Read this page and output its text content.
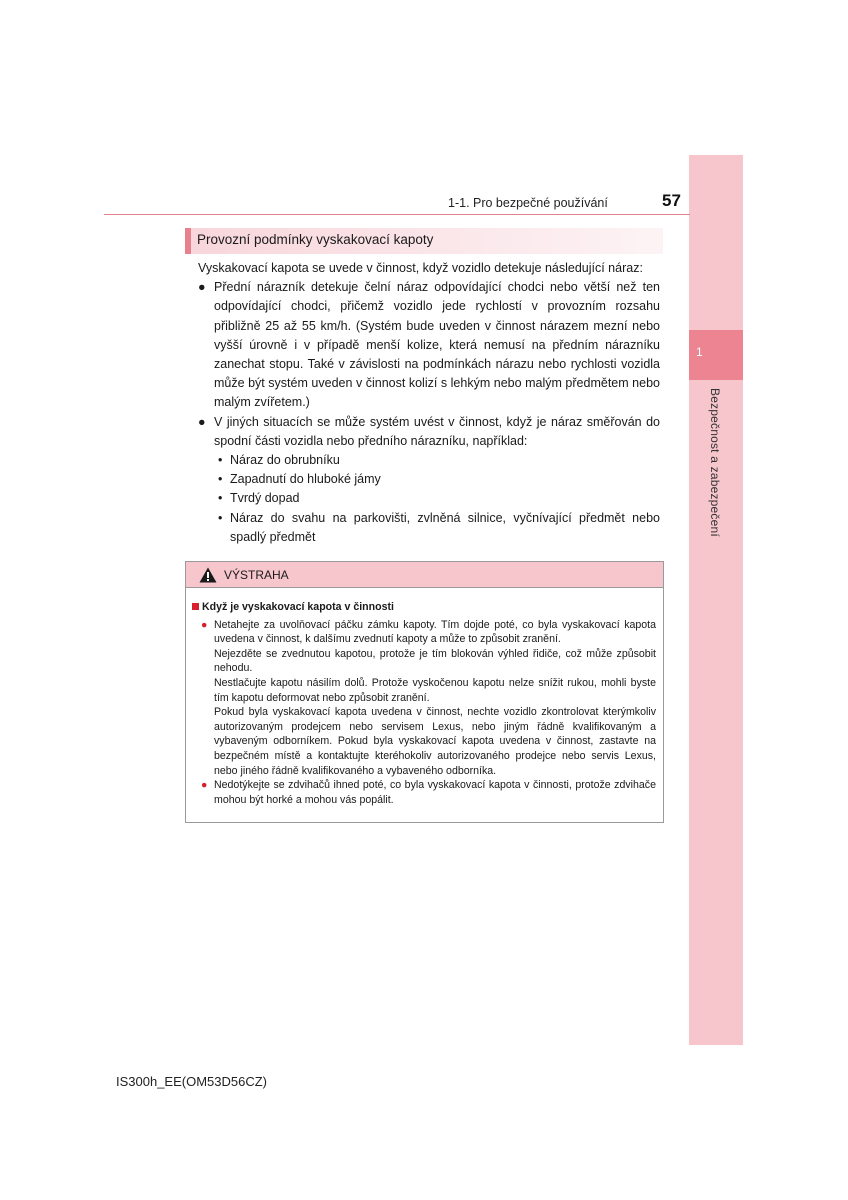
1
Bezpečnost a zabezpečení
1-1. Pro bezpečné používání	57
Provozní podmínky vyskakovací kapoty

Vyskakovací kapota se uvede v činnost, když vozidlo detekuje následující náraz:

● Přední nárazník detekuje čelní náraz odpovídající chodci nebo větší než ten odpovídající chodci, přičemž vozidlo jede rychlostí v provozním rozsahu přibližně 25 až 55 km/h. (Systém bude uveden v činnost nárazem mezní nebo vyšší úrovně i v případě menší kolize, která nemusí na předním nárazníku zanechat stopu. Také v závislosti na podmínkách nárazu nebo rychlosti vozidla může být systém uveden v činnost kolizí s lehkým nebo malým předmětem nebo malým zvířetem.)

● V jiných situacích se může systém uvést v činnost, když je náraz směřován do spodní části vozidla nebo předního nárazníku, například:

• Náraz do obrubníku

• Zapadnutí do hluboké jámy

• Tvrdý dopad

• Náraz do svahu na parkovišti, zvlněná silnice, vyčnívající předmět nebo spadlý předmět

VÝSTRAHA

Když je vyskakovací kapota v činnosti

● Netahejte za uvolňovací páčku zámku kapoty. Tím dojde poté, co byla vyskakovací kapota uvedena v činnost, k dalšímu zvednutí kapoty a může to způsobit zranění.

Nejezděte se zvednutou kapotou, protože je tím blokován výhled řidiče, což může způsobit nehodu.

Nestlačujte kapotu násilím dolů. Protože vyskočenou kapotu nelze snížit rukou, mohli byste tím kapotu deformovat nebo způsobit zranění.

Pokud byla vyskakovací kapota uvedena v činnost, nechte vozidlo zkontrolovat kterýmkoliv autorizovaným prodejcem nebo servisem Lexus, nebo jiným řádně kvalifikovaným a vybaveným odborníkem. Pokud byla vyskakovací kapota uvedena v činnost, zastavte na bezpečném místě a kontaktujte kteréhokoliv autorizovaného prodejce nebo servis Lexus, nebo jiného řádně kvalifikovaného a vybaveného odborníka.

● Nedotýkejte se zdvihačů ihned poté, co byla vyskakovací kapota v činnosti, protože zdvihače mohou být horké a mohou vás popálit.

IS300h_EE(OM53D56CZ)
